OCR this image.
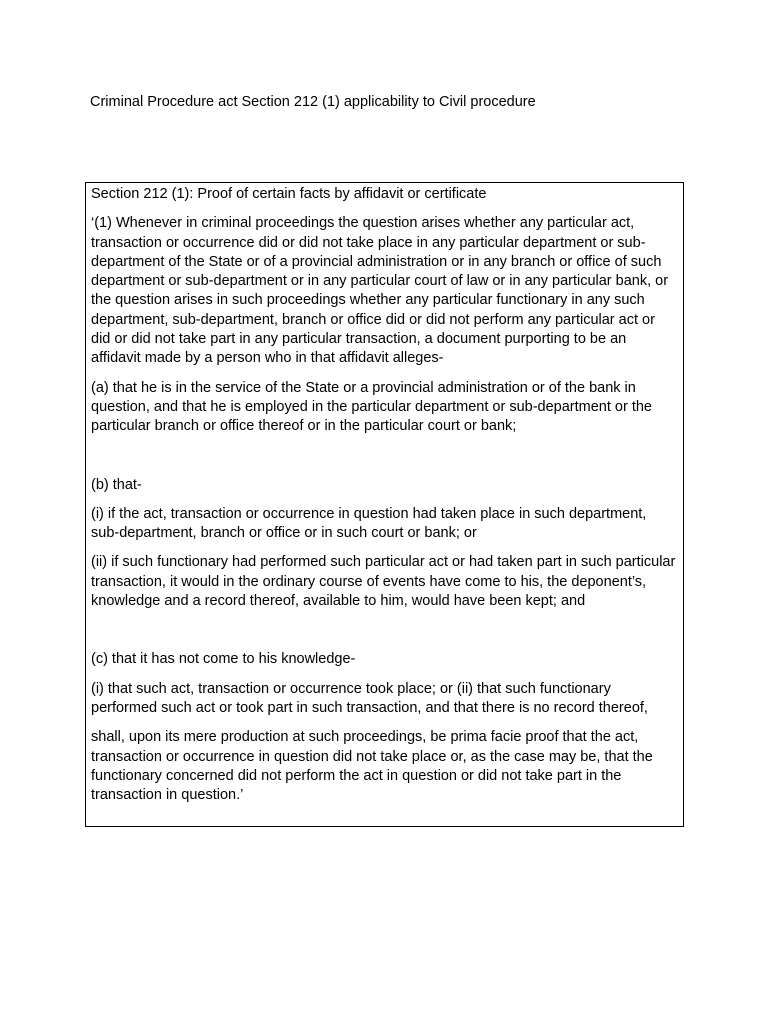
Criminal Procedure act Section 212 (1) applicability to Civil procedure

Section 212 (1): Proof of certain facts by affidavit or certificate

‘(1) Whenever in criminal proceedings the question arises whether any particular act, transaction or occurrence did or did not take place in any particular department or sub-department of the State or of a provincial administration or in any branch or office of such department or sub-department or in any particular court of law or in any particular bank, or the question arises in such proceedings whether any particular functionary in any such department, sub-department, branch or office did or did not perform any particular act or did or did not take part in any particular transaction, a document purporting to be an affidavit made by a person who in that affidavit alleges-

(a) that he is in the service of the State or a provincial administration or of the bank in question, and that he is employed in the particular department or sub-department or the particular branch or office thereof or in the particular court or bank;

(b) that-

(i) if the act, transaction or occurrence in question had taken place in such department, sub-department, branch or office or in such court or bank; or

(ii) if such functionary had performed such particular act or had taken part in such particular transaction, it would in the ordinary course of events have come to his, the deponent’s, knowledge and a record thereof, available to him, would have been kept; and

(c) that it has not come to his knowledge-

(i) that such act, transaction or occurrence took place; or (ii) that such functionary performed such act or took part in such transaction, and that there is no record thereof,

shall, upon its mere production at such proceedings, be prima facie proof that the act, transaction or occurrence in question did not take place or, as the case may be, that the functionary concerned did not perform the act in question or did not take part in the transaction in question.’
